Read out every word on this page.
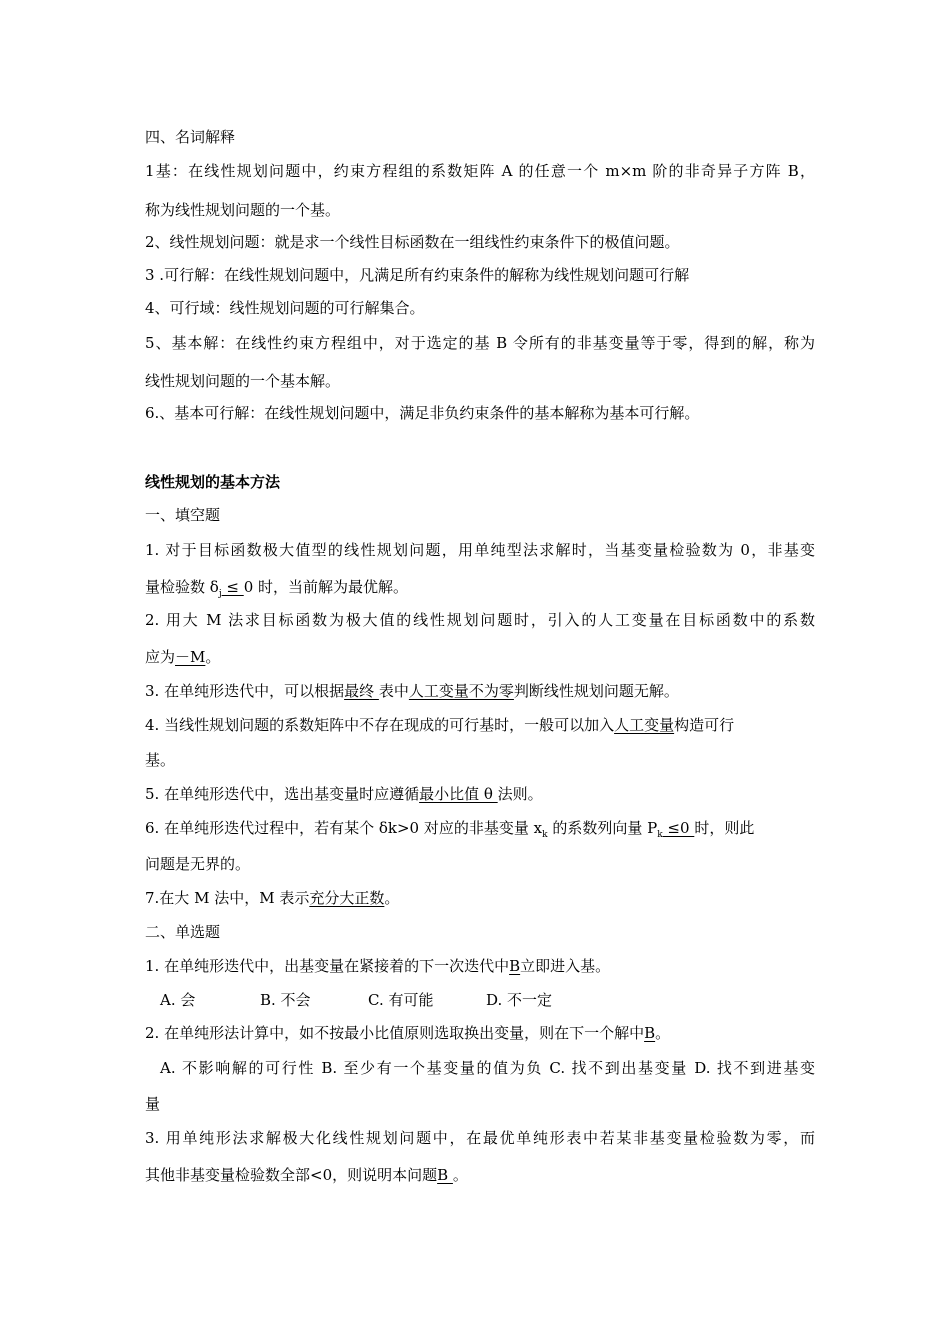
四、名词解释
1基：在线性规划问题中，约束方程组的系数矩阵 A 的任意一个 m×m 阶的非奇异子方阵 B，
称为线性规划问题的一个基。
2、线性规划问题：就是求一个线性目标函数在一组线性约束条件下的极值问题。
3 .可行解：在线性规划问题中，凡满足所有约束条件的解称为线性规划问题可行解
4、可行域：线性规划问题的可行解集合。
5、基本解：在线性约束方程组中，对于选定的基 B 令所有的非基变量等于零，得到的解，称为
线性规划问题的一个基本解。
6.、基本可行解：在线性规划问题中，满足非负约束条件的基本解称为基本可行解。
线性规划的基本方法
一、填空题
1. 对于目标函数极大值型的线性规划问题，用单纯型法求解时，当基变量检验数为 0，非基变
量检验数 $\delta_j \le 0$ 时，当前解为最优解。
2. 用大 M 法求目标函数为极大值的线性规划问题时，引入的人工变量在目标函数中的系数
应为－M。
3. 在单纯形迭代中，可以根据最终 表中人工变量不为零判断线性规划问题无解。
4. 当线性规划问题的系数矩阵中不存在现成的可行基时，一般可以加入人工变量构造可行
基。
5. 在单纯形迭代中，选出基变量时应遵循最小比值 θ 法则。
6. 在单纯形迭代过程中，若有某个 δk>0 对应的非基变量 $x_k$ 的系数列向量 $P_k \le 0$ 时，则此
问题是无界的。
7.在大 M 法中，M 表示充分大正数。
二、单选题
1. 在单纯形迭代中，出基变量在紧接着的下一次迭代中B立即进入基。
A. 会	B. 不会	C. 有可能	D. 不一定
2. 在单纯形法计算中，如不按最小比值原则选取换出变量，则在下一个解中B。
A. 不影响解的可行性 B. 至少有一个基变量的值为负 C. 找不到出基变量 D. 找不到进基变
量
3. 用单纯形法求解极大化线性规划问题中，在最优单纯形表中若某非基变量检验数为零，而
其他非基变量检验数全部<0，则说明本问题B 。
